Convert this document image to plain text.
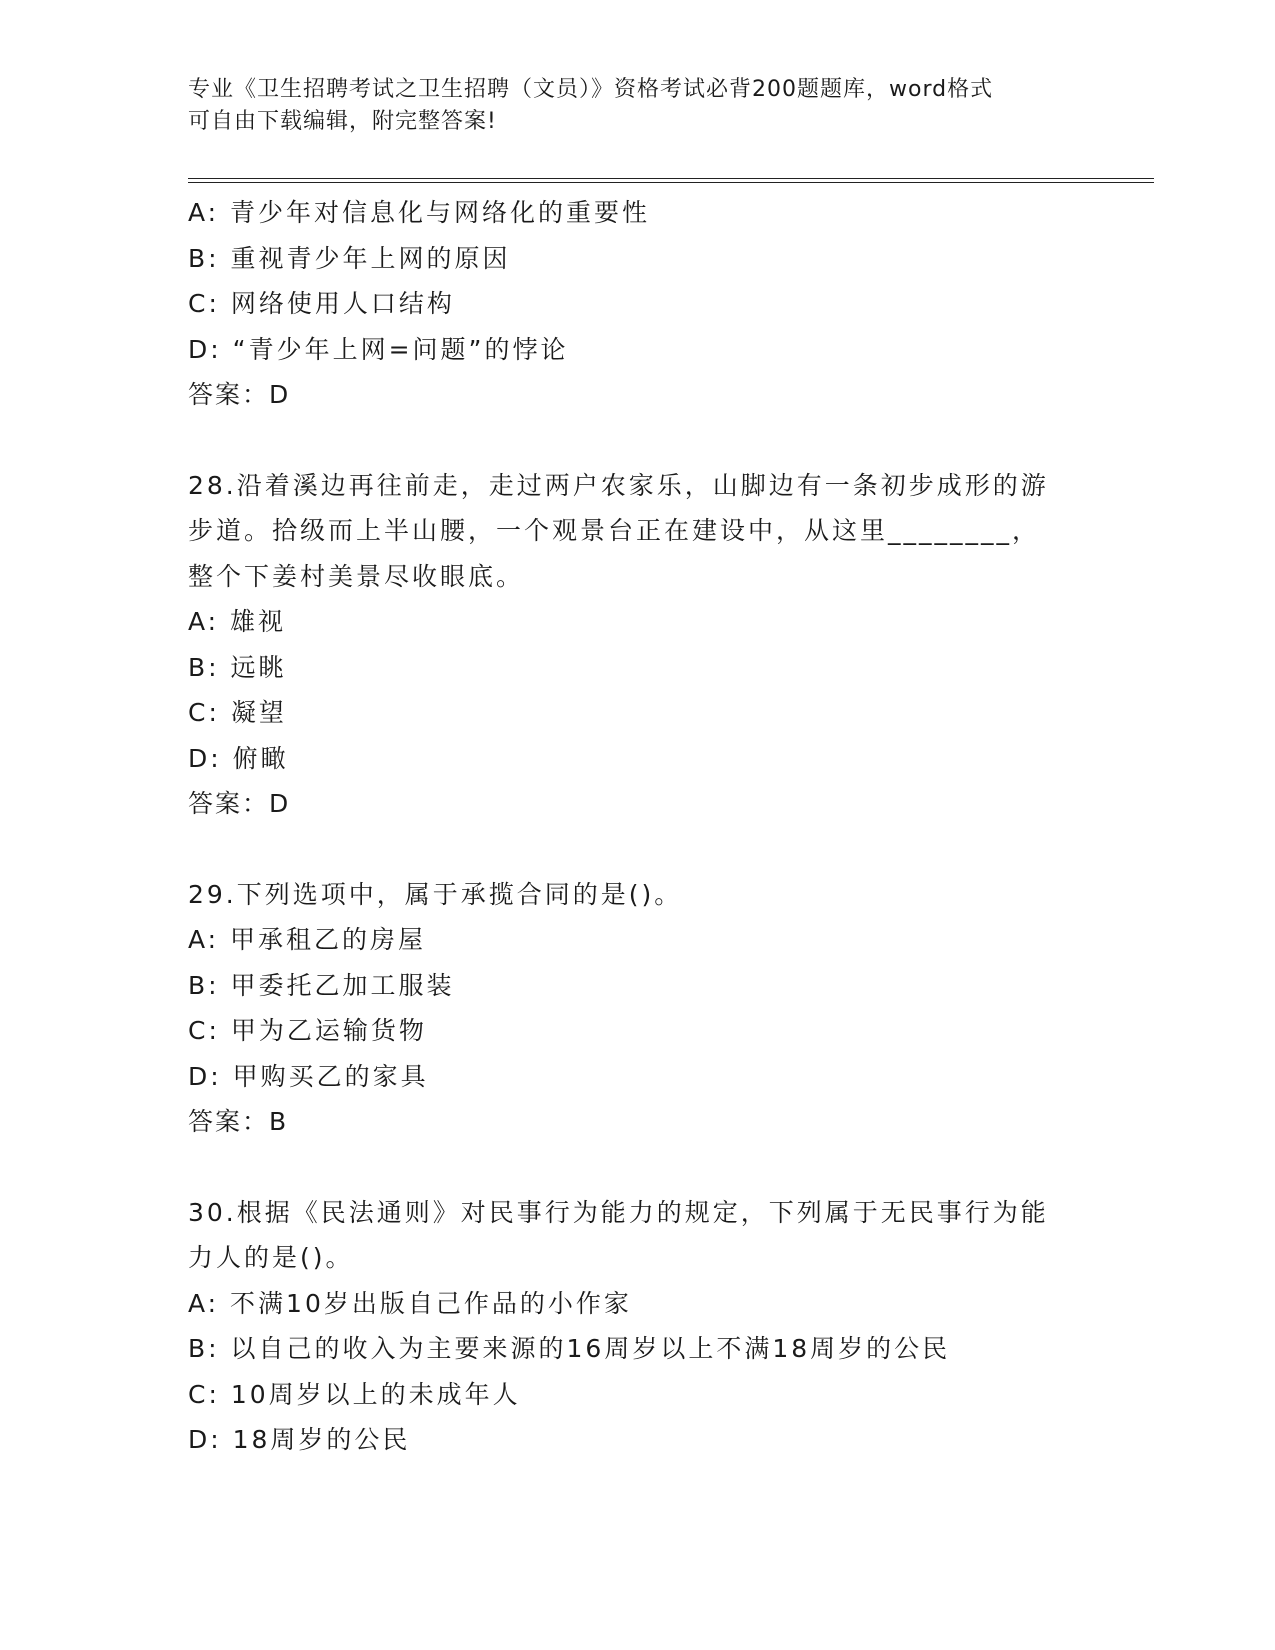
专业《卫生招聘考试之卫生招聘（文员）》资格考试必背200题题库，word格式
可自由下载编辑，附完整答案!
A: 青少年对信息化与网络化的重要性
B: 重视青少年上网的原因
C: 网络使用人口结构
D: “青少年上网=问题”的悖论
答案：D
28.沿着溪边再往前走，走过两户农家乐，山脚边有一条初步成形的游
步道。拾级而上半山腰，一个观景台正在建设中，从这里________，
整个下姜村美景尽收眼底。
A: 雄视
B: 远眺
C: 凝望
D: 俯瞰
答案：D
29.下列选项中，属于承揽合同的是()。
A: 甲承租乙的房屋
B: 甲委托乙加工服装
C: 甲为乙运输货物
D: 甲购买乙的家具
答案：B
30.根据《民法通则》对民事行为能力的规定，下列属于无民事行为能
力人的是()。
A: 不满10岁出版自己作品的小作家
B: 以自己的收入为主要来源的16周岁以上不满18周岁的公民
C: 10周岁以上的未成年人
D: 18周岁的公民
